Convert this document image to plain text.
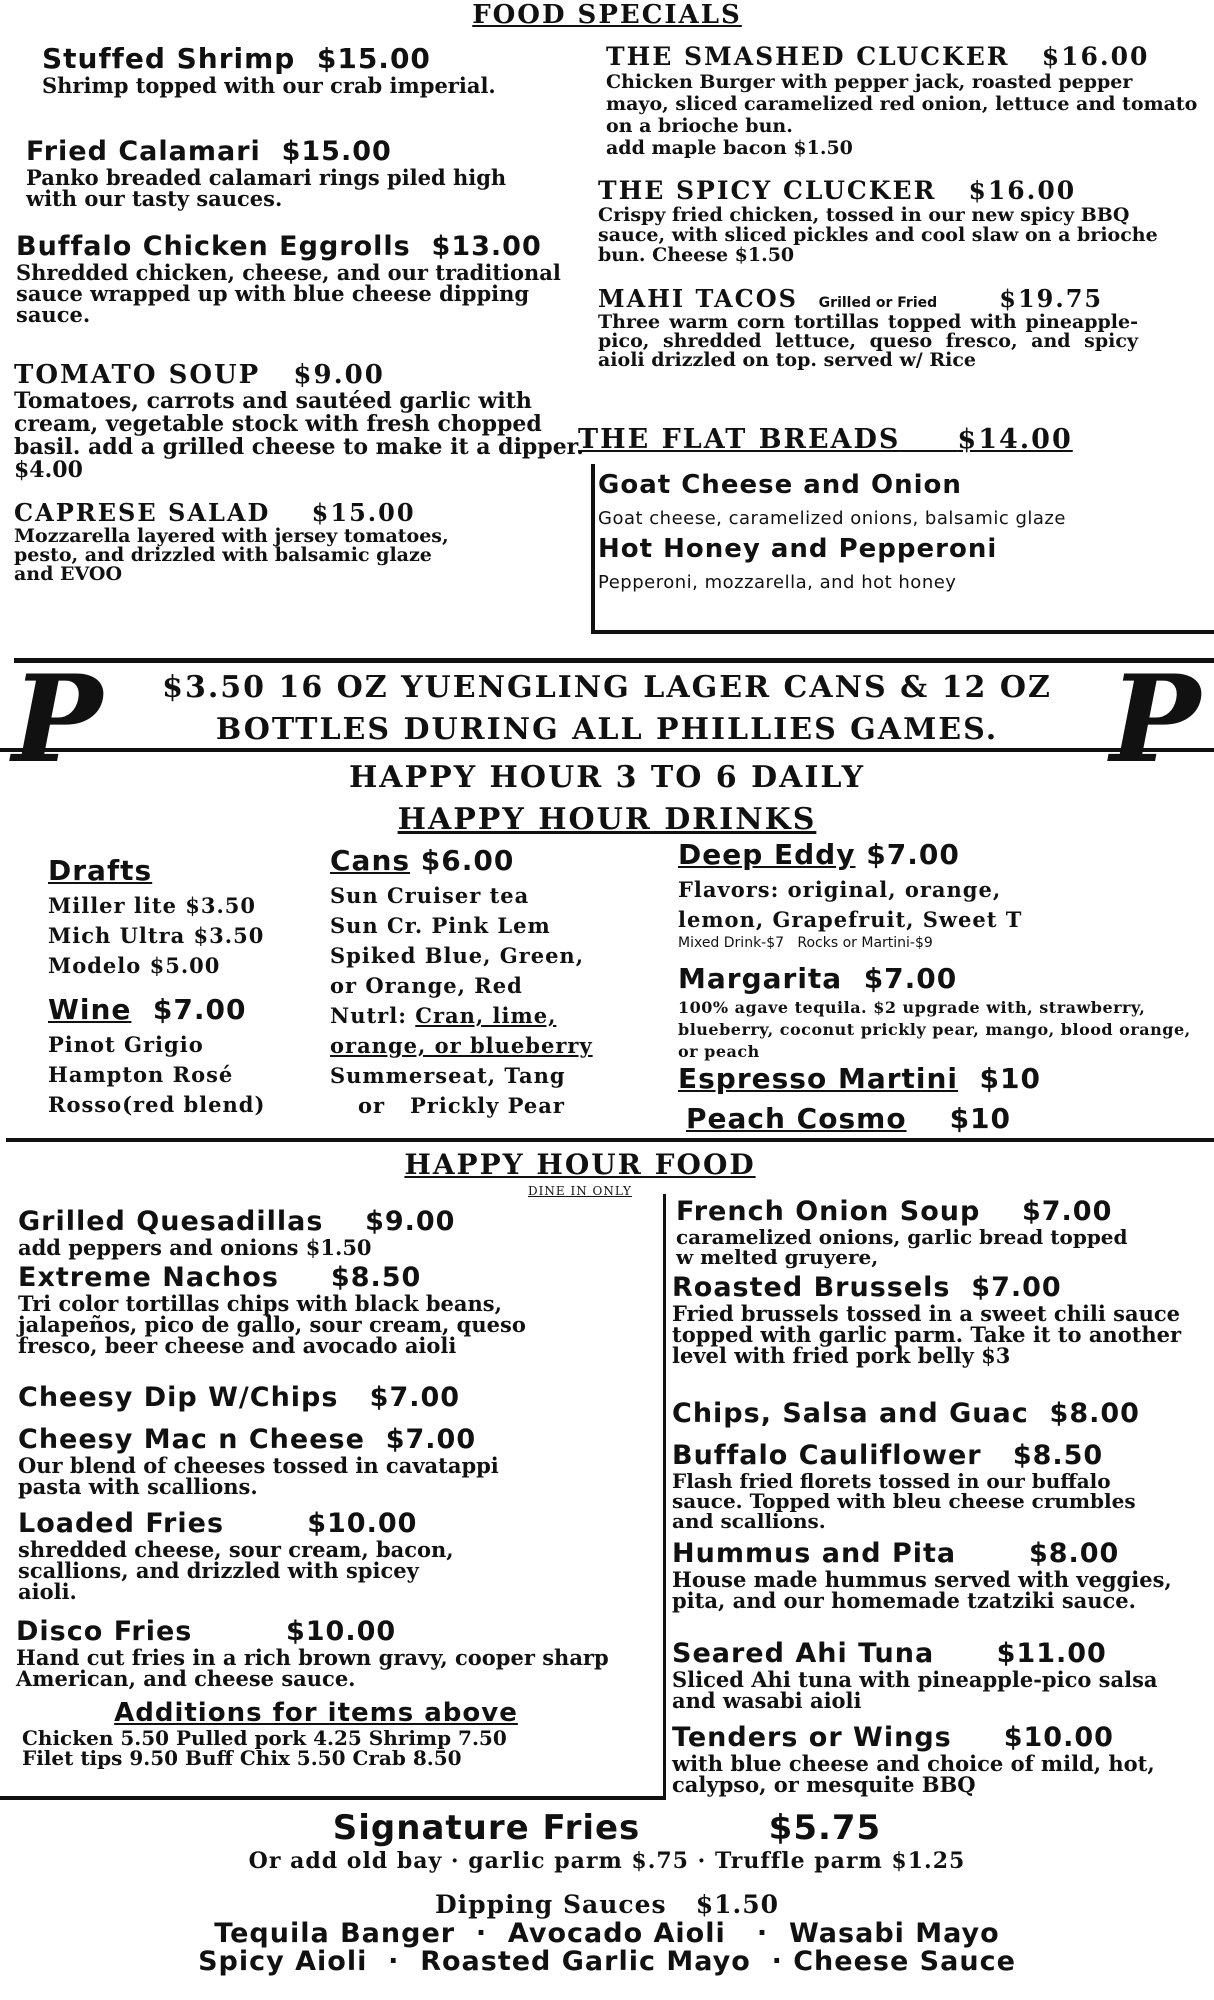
FOOD SPECIALS
Stuffed Shrimp $15.00
Shrimp topped with our crab imperial.
Fried Calamari $15.00
Panko breaded calamari rings piled high with our tasty sauces.
Buffalo Chicken Eggrolls $13.00
Shredded chicken, cheese, and our traditional sauce wrapped up with blue cheese dipping sauce.
TOMATO SOUP $9.00
Tomatoes, carrots and sautéed garlic with cream, vegetable stock with fresh chopped basil. add a grilled cheese to make it a dipper. $4.00
CAPRESE SALAD $15.00
Mozzarella layered with jersey tomatoes, pesto, and drizzled with balsamic glaze and EVOO
THE SMASHED CLUCKER $16.00
Chicken Burger with pepper jack, roasted pepper mayo, sliced caramelized red onion, lettuce and tomato on a brioche bun.
add maple bacon $1.50
THE SPICY CLUCKER $16.00
Crispy fried chicken, tossed in our new spicy BBQ sauce, with sliced pickles and cool slaw on a brioche bun. Cheese $1.50
MAHI TACOS Grilled or Fried	$19.75
Three warm corn tortillas topped with pineapple-pico, shredded lettuce, queso fresco, and spicy aioli drizzled on top. served w/ Rice
THE FLAT BREADS $14.00
Goat Cheese and Onion
Goat cheese, caramelized onions, balsamic glaze
Hot Honey and Pepperoni
Pepperoni, mozzarella, and hot honey
P	P
$3.50 16 OZ YUENGLING LAGER CANS & 12 OZ
BOTTLES DURING ALL PHILLIES GAMES.
HAPPY HOUR 3 TO 6 DAILY
HAPPY HOUR DRINKS
Drafts
Miller lite $3.50
Mich Ultra $3.50
Modelo $5.00
Wine $7.00
Pinot Grigio
Hampton Rosé
Rosso(red blend)
Cans $6.00
Sun Cruiser tea
Sun Cr. Pink Lem
Spiked Blue, Green,
or Orange, Red
Nutrl: Cran, lime,
orange, or blueberry
Summerseat, Tang
or   Prickly Pear
Deep Eddy $7.00
Flavors: original, orange,
lemon, Grapefruit, Sweet T
Mixed Drink-$7   Rocks or Martini-$9
Margarita $7.00
100% agave tequila. $2 upgrade with, strawberry, blueberry, coconut prickly pear, mango, blood orange, or peach
Espresso Martini $10
Peach Cosmo $10
HAPPY HOUR FOOD
DINE IN ONLY
Grilled Quesadillas $9.00
add peppers and onions $1.50
Extreme Nachos $8.50
Tri color tortillas chips with black beans, jalapeños, pico de gallo, sour cream, queso fresco, beer cheese and avocado aioli
Cheesy Dip W/Chips $7.00
Cheesy Mac n Cheese $7.00
Our blend of cheeses tossed in cavatappi pasta with scallions.
Loaded Fries	$10.00
shredded cheese, sour cream, bacon, scallions, and drizzled with spicey aioli.
Disco Fries	$10.00
Hand cut fries in a rich brown gravy, cooper sharp American, and cheese sauce.
Additions for items above
Chicken 5.50 Pulled pork 4.25 Shrimp 7.50
Filet tips 9.50 Buff Chix 5.50 Crab 8.50
French Onion Soup $7.00
caramelized onions, garlic bread topped w melted gruyere,
Roasted Brussels $7.00
Fried brussels tossed in a sweet chili sauce topped with garlic parm. Take it to another level with fried pork belly $3
Chips, Salsa and Guac $8.00
Buffalo Cauliflower $8.50
Flash fried florets tossed in our buffalo sauce. Topped with bleu cheese crumbles and scallions.
Hummus and Pita	$8.00
House made hummus served with veggies, pita, and our homemade tzatziki sauce.
Seared Ahi Tuna $11.00
Sliced Ahi tuna with pineapple-pico salsa and wasabi aioli
Tenders or Wings $10.00
with blue cheese and choice of mild, hot, calypso, or mesquite BBQ
Signature Fries	$5.75
Or add old bay · garlic parm $.75 · Truffle parm $1.25
Dipping Sauces   $1.50
Tequila Banger  ·  Avocado Aioli   ·  Wasabi Mayo
Spicy Aioli  ·  Roasted Garlic Mayo  · Cheese Sauce
